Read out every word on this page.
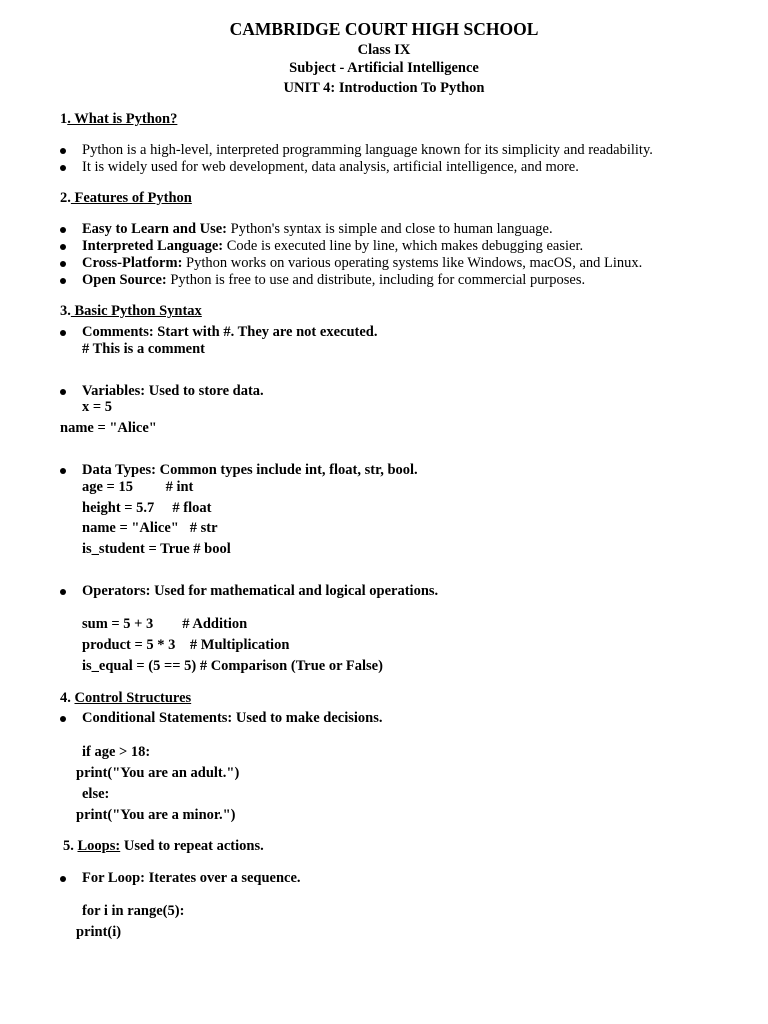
CAMBRIDGE COURT HIGH SCHOOL
Class IX
Subject - Artificial Intelligence
UNIT 4: Introduction To Python
1. What is Python?
Python is a high-level, interpreted programming language known for its simplicity and readability.
It is widely used for web development, data analysis, artificial intelligence, and more.
2. Features of Python
Easy to Learn and Use: Python's syntax is simple and close to human language.
Interpreted Language: Code is executed line by line, which makes debugging easier.
Cross-Platform: Python works on various operating systems like Windows, macOS, and Linux.
Open Source: Python is free to use and distribute, including for commercial purposes.
3. Basic Python Syntax
Comments: Start with #. They are not executed.
# This is a comment
Variables: Used to store data.
x = 5
name = "Alice"
Data Types: Common types include int, float, str, bool.
age = 15         # int
height = 5.7     # float
name = "Alice"   # str
is_student = True # bool
Operators: Used for mathematical and logical operations.
sum = 5 + 3        # Addition
product = 5 * 3    # Multiplication
is_equal = (5 == 5) # Comparison (True or False)
4. Control Structures
Conditional Statements: Used to make decisions.
if age > 18:
print("You are an adult.")
else:
print("You are a minor.")
5. Loops: Used to repeat actions.
For Loop: Iterates over a sequence.
for i in range(5):
print(i)
